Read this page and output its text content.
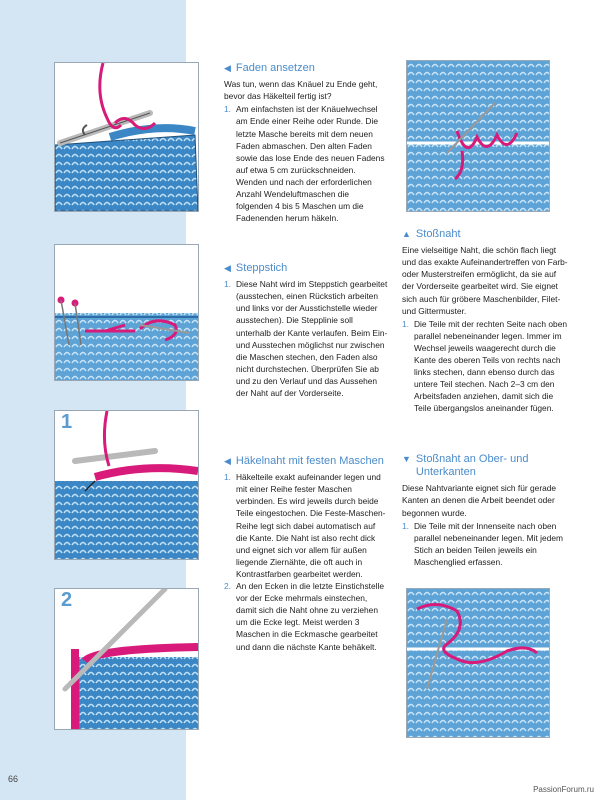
1
2
◀ Faden ansetzen

Was tun, wenn das Knäuel zu Ende geht, bevor das Häkelteil fertig ist?

1. Am einfachsten ist der Knäuelwechsel am Ende einer Reihe oder Runde. Die letzte Masche bereits mit dem neuen Faden abmaschen. Den alten Faden sowie das lose Ende des neuen Fadens auf etwa 5 cm zurückschneiden. Wenden und nach der erforderlichen Anzahl Wendeluftmaschen die folgenden 4 bis 5 Maschen um die Fadenenden herum häkeln.
◀ Steppstich
1. Diese Naht wird im Steppstich gearbeitet (ausstechen, einen Rückstich arbeiten und links vor der Ausstichstelle wieder ausstechen). Die Stepplinie soll unterhalb der Kante verlaufen. Beim Ein- und Ausstechen möglichst nur zwischen die Maschen stechen, den Faden also nicht durchstechen. Überprüfen Sie ab und zu den Verlauf und das Aussehen der Naht auf der Vorderseite.
◀ Häkelnaht mit festen Maschen
1. Häkelteile exakt aufeinander legen und mit einer Reihe fester Maschen verbinden. Es wird jeweils durch beide Teile eingestochen. Die Feste-Maschen-Reihe legt sich dabei automatisch auf die Kante. Die Naht ist also recht dick und eignet sich vor allem für außen liegende Ziernähte, die oft auch in Kontrastfarben gearbeitet werden.
2. An den Ecken in die letzte Einstichstelle vor der Ecke mehrmals einstechen, damit sich die Naht ohne zu verziehen um die Ecke legt. Meist werden 3 Maschen in die Eckmasche gearbeitet und dann die nächste Kante behäkelt.
▲ Stoßnaht

Eine vielseitige Naht, die schön flach liegt und das exakte Aufeinandertreffen von Farb- oder Musterstreifen ermöglicht, da sie auf der Vorderseite gearbeitet wird. Sie eignet sich auch für gröbere Maschenbilder, Filet- und Gittermuster.

1. Die Teile mit der rechten Seite nach oben parallel nebeneinander legen. Immer im Wechsel jeweils waagerecht durch die Kante des oberen Teils von rechts nach links stechen, dann ebenso durch das untere Teil stechen. Nach 2–3 cm den Arbeitsfaden anziehen, damit sich die Teile übergangslos aneinander fügen.
▼ Stoßnaht an Ober- und Unterkanten

Diese Nahtvariante eignet sich für gerade Kanten an denen die Arbeit beendet oder begonnen wurde.

1. Die Teile mit der Innenseite nach oben parallel nebeneinander legen. Mit jedem Stich an beiden Teilen jeweils ein Maschenglied erfassen.
66
PassionForum.ru
